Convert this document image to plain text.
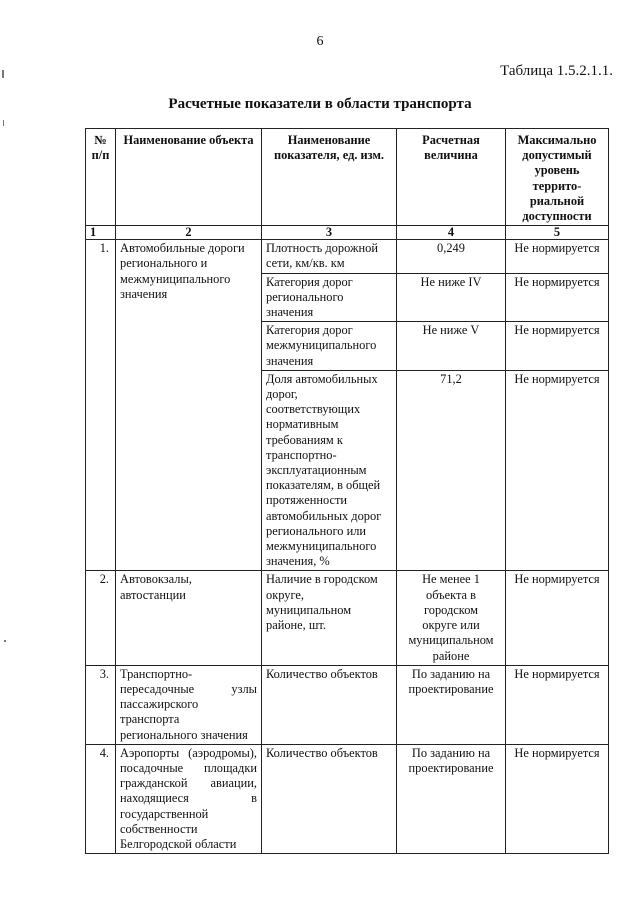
6
Таблица 1.5.2.1.1.
Расчетные показатели в области транспорта
№ п/п	Наименование объекта	Наименование показателя, ед. изм.	Расчетная величина	Максимально допустимый уровень террито-риальной доступности
1	2	3	4	5
1.	Автомобильные дороги регионального и межмуниципального значения	Плотность дорожной сети, км/кв. км	0,249	Не нормируется
		Категория дорог регионального значения	Не ниже IV	Не нормируется
		Категория дорог межмуниципального значения	Не ниже V	Не нормируется
		Доля автомобильных дорог, соответствующих нормативным требованиям к транспортно-эксплуатационным показателям, в общей протяженности автомобильных дорог регионального или межмуниципального значения, %	71,2	Не нормируется
2.	Автовокзалы, автостанции	Наличие в городском округе, муниципальном районе, шт.	Не менее 1 объекта в городском округе или муниципальном районе	Не нормируется
3.	Транспортно-пересадочные узлы пассажирского транспорта регионального значения	Количество объектов	По заданию на проектирование	Не нормируется
4.	Аэропорты (аэродромы), посадочные площадки гражданской авиации, находящиеся в государственной собственности Белгородской области	Количество объектов	По заданию на проектирование	Не нормируется
